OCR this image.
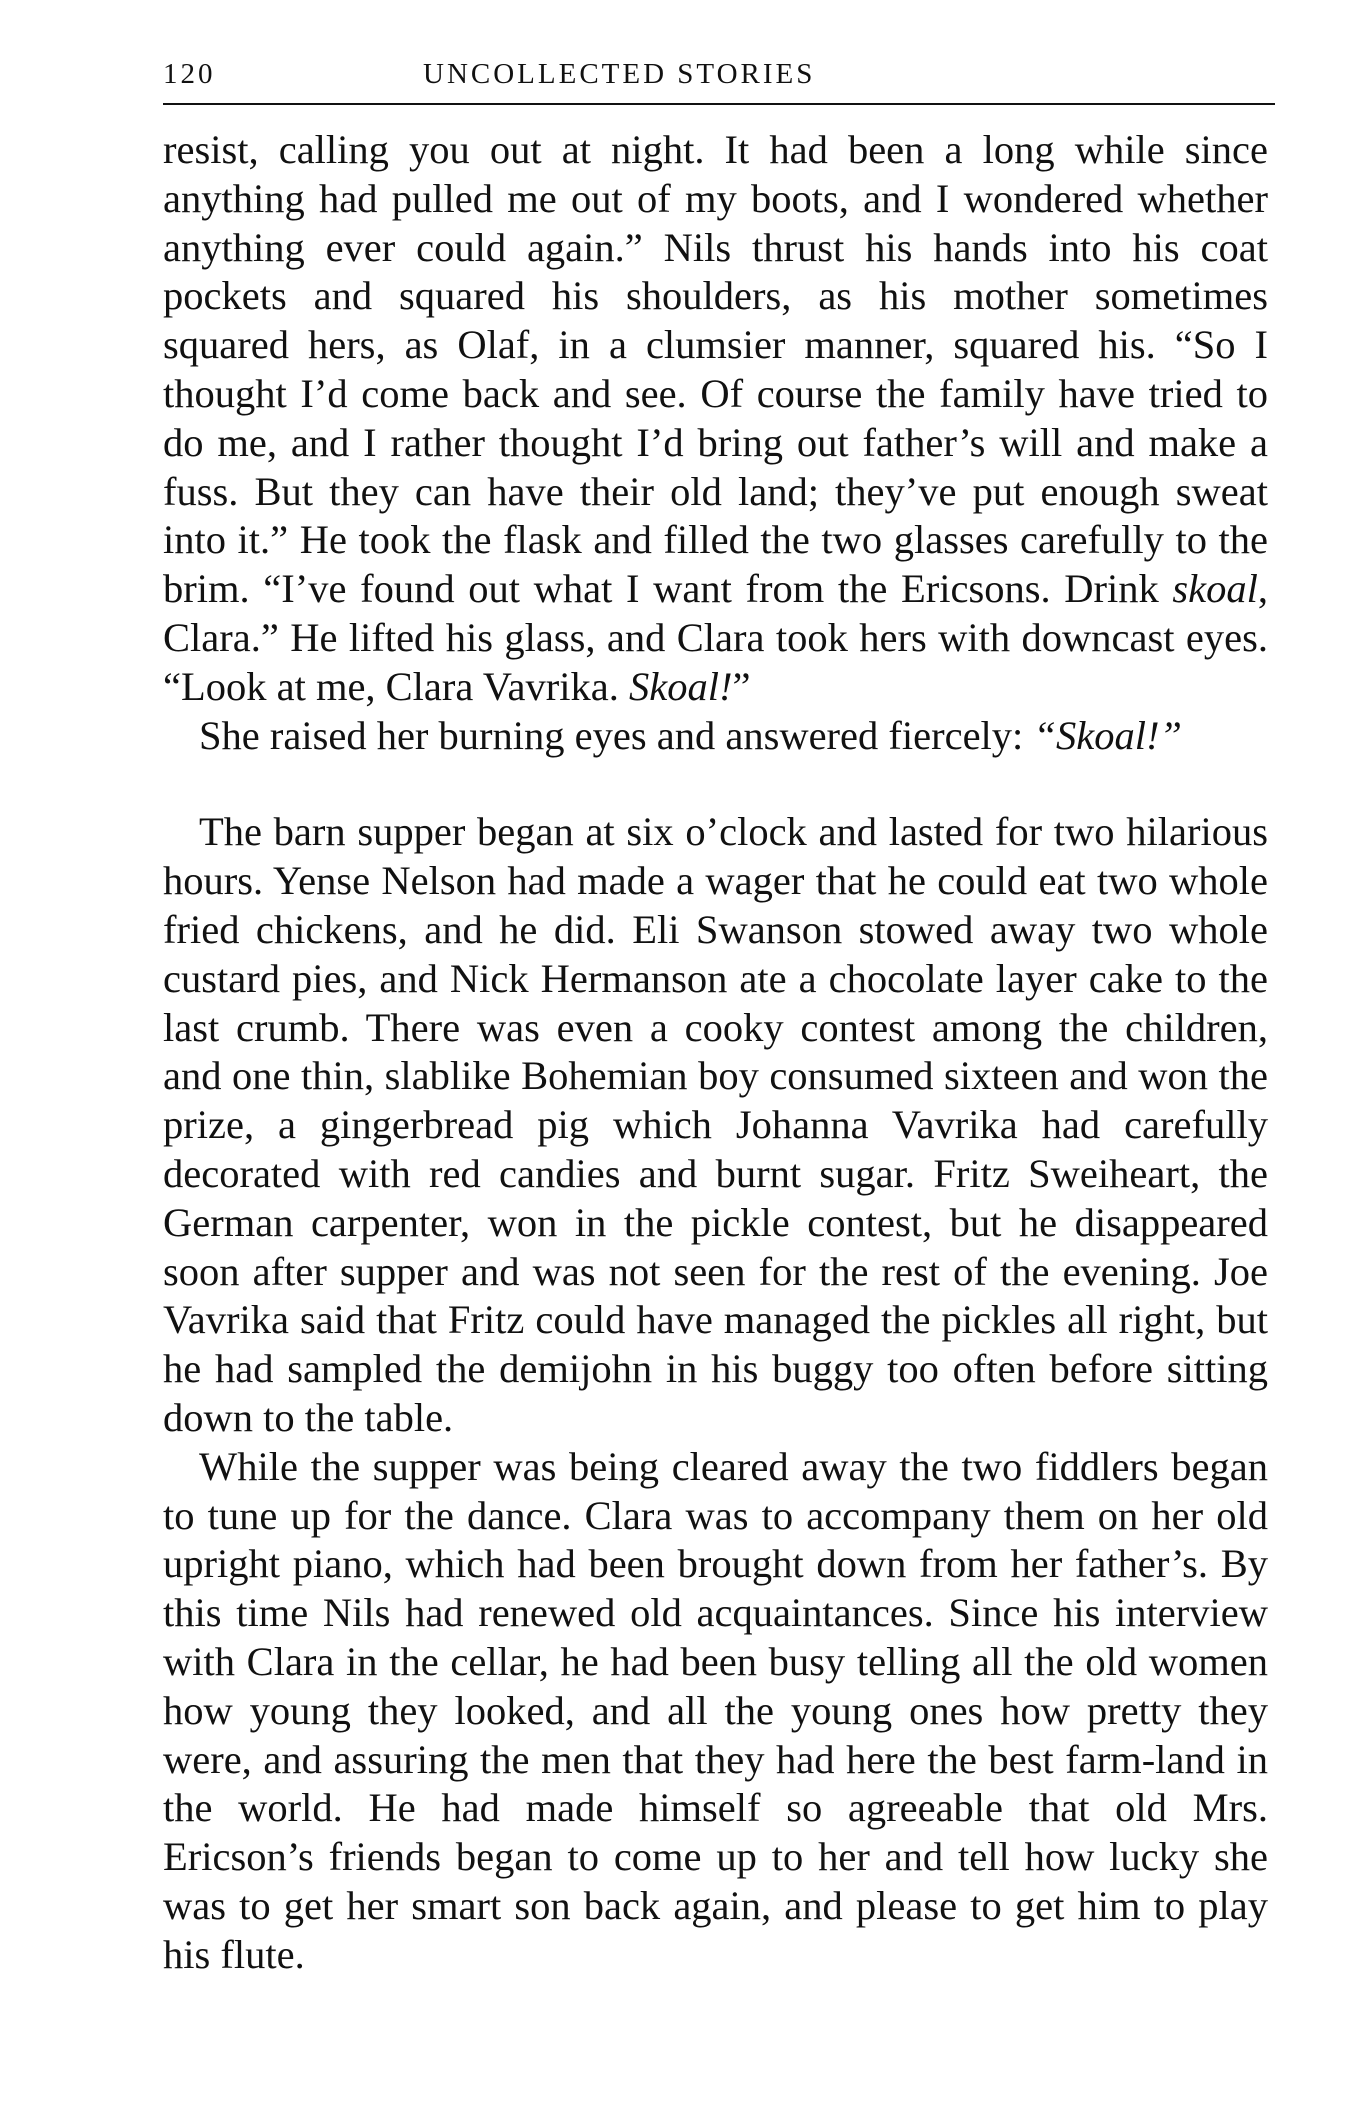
120	UNCOLLECTED STORIES

resist, calling you out at night. It had been a long while since anything had pulled me out of my boots, and I wondered whether anything ever could again.” Nils thrust his hands into his coat pockets and squared his shoulders, as his mother sometimes squared hers, as Olaf, in a clumsier manner, squared his. “So I thought I’d come back and see. Of course the family have tried to do me, and I rather thought I’d bring out father’s will and make a fuss. But they can have their old land; they’ve put enough sweat into it.” He took the flask and filled the two glasses carefully to the brim. “I’ve found out what I want from the Ericsons. Drink skoal, Clara.” He lifted his glass, and Clara took hers with downcast eyes. “Look at me, Clara Vavrika. Skoal!”

She raised her burning eyes and answered fiercely: “Skoal!”

The barn supper began at six o’clock and lasted for two hilarious hours. Yense Nelson had made a wager that he could eat two whole fried chickens, and he did. Eli Swanson stowed away two whole custard pies, and Nick Hermanson ate a chocolate layer cake to the last crumb. There was even a cooky contest among the children, and one thin, slablike Bohemian boy consumed sixteen and won the prize, a gingerbread pig which Johanna Vavrika had carefully decorated with red candies and burnt sugar. Fritz Sweiheart, the German carpenter, won in the pickle contest, but he disappeared soon after supper and was not seen for the rest of the evening. Joe Vavrika said that Fritz could have managed the pickles all right, but he had sampled the demijohn in his buggy too often before sitting down to the table.

While the supper was being cleared away the two fiddlers began to tune up for the dance. Clara was to accompany them on her old upright piano, which had been brought down from her father’s. By this time Nils had renewed old acquaintances. Since his interview with Clara in the cellar, he had been busy telling all the old women how young they looked, and all the young ones how pretty they were, and assuring the men that they had here the best farm-land in the world. He had made himself so agreeable that old Mrs. Ericson’s friends began to come up to her and tell how lucky she was to get her smart son back again, and please to get him to play his flute.
